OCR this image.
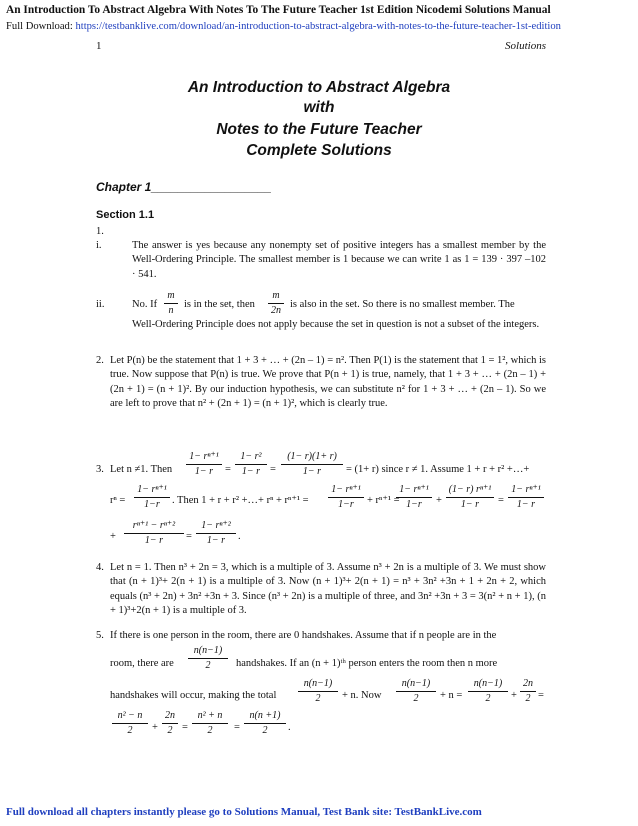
An Introduction To Abstract Algebra With Notes To The Future Teacher 1st Edition Nicodemi Solutions Manual
Full Download: https://testbanklive.com/download/an-introduction-to-abstract-algebra-with-notes-to-the-future-teacher-1st-edition
1	Solutions
An Introduction to Abstract Algebra
with
Notes to the Future Teacher
Complete Solutions
Chapter 1__________________
Section 1.1
1.
i.	The answer is yes because any nonempty set of positive integers has a smallest member by the Well-Ordering Principle. The smallest member is 1 because we can write 1 as 1 = 139 · 397 –102 · 541.
ii.	No. If
m
n
is in the set, then
m
2n
is also in the set. So there is no smallest member. The
Well-Ordering Principle does not apply because the set in question is not a subset of the integers.
2. Let P(n) be the statement that 1 + 3 + … + (2n – 1) = n². Then P(1) is the statement that 1 = 1², which is true. Now suppose that P(n) is true. We prove that P(n + 1) is true, namely, that 1 + 3 + … + (2n – 1) + (2n + 1) = (n + 1)². By our induction hypothesis, we can substitute n² for 1 + 3 + … + (2n – 1). So we are left to prove that n² + (2n + 1) = (n + 1)², which is clearly true.
3. Let n ≠1. Then
1− rⁿ⁺¹
1− r	=
1− r²
1− r =
(1− r)(1+ r)
1− r	= (1+ r) since r ≠ 1. Assume 1 + r + r² +…+
rⁿ =
1− rⁿ⁺¹
1−r	. Then 1 + r + r² +…+ rⁿ + rⁿ⁺¹ =
1− rⁿ⁺¹
1−r	+ rⁿ⁺¹ =
1− rⁿ⁺¹
1−r	+
(1− r) rⁿ⁺¹
1− r	=
1− rⁿ⁺¹
1− r
+
rⁿ⁺¹ − rⁿ⁺²
1− r	=
1− rⁿ⁺²
1− r	.
4. Let n = 1. Then n³ + 2n = 3, which is a multiple of 3. Assume n³ + 2n is a multiple of 3. We must show that (n + 1)³+ 2(n + 1) is a multiple of 3. Now (n + 1)³+ 2(n + 1) = n³ + 3n² +3n + 1 + 2n + 2, which equals (n³ + 2n) + 3n² +3n + 3. Since (n³ + 2n) is a multiple of three, and 3n² +3n + 3 = 3(n² + n + 1), (n + 1)³+2(n + 1) is a multiple of 3.
5. If there is one person in the room, there are 0 handshakes. Assume that if n people are in the
room, there are
n(n−1)
2	handshakes. If an (n + 1)ᵗʰ person enters the room then n more
handshakes will occur, making the total
n(n−1)
2	+ n. Now
n(n−1)
2	+ n =
n(n−1)
2	+
2n
2 =
n² − n
2	+
2n
2 =
n² + n
2	=
n(n +1)
2	.
Full download all chapters instantly please go to Solutions Manual, Test Bank site: TestBankLive.com
